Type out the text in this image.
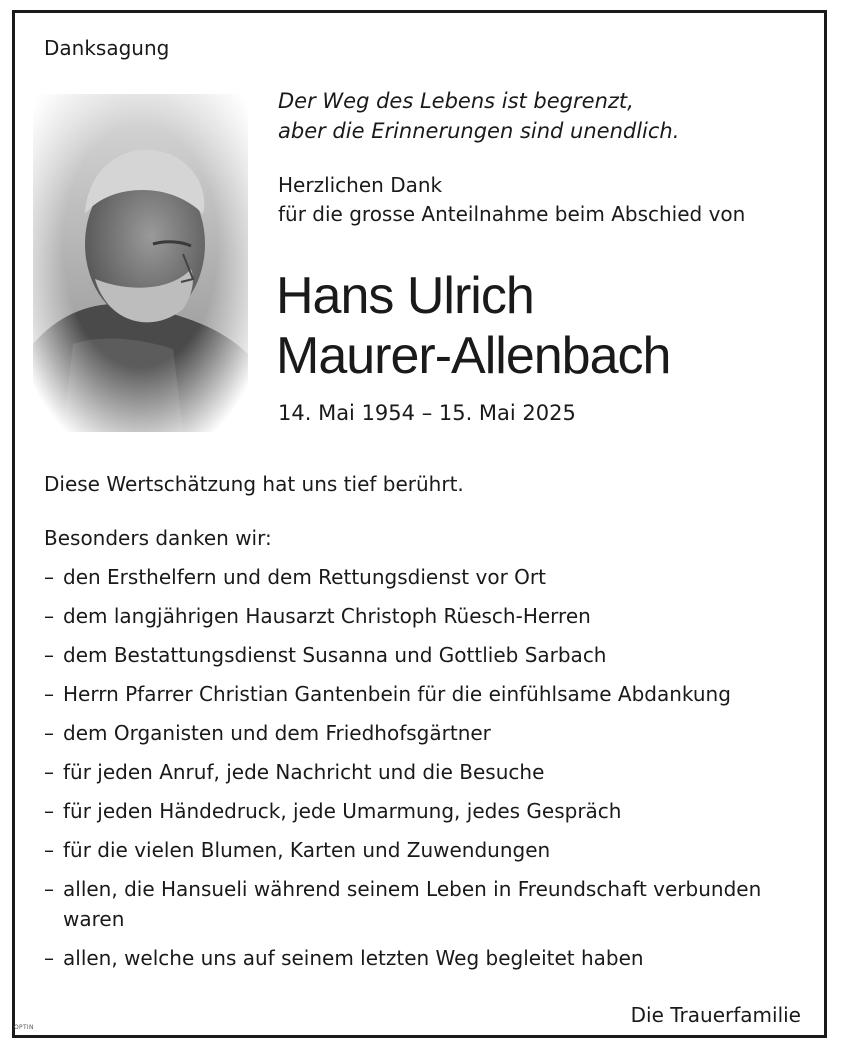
Danksagung
Der Weg des Lebens ist begrenzt,
aber die Erinnerungen sind unendlich.
Herzlichen Dank
für die grosse Anteilnahme beim Abschied von
Hans Ulrich
Maurer-Allenbach
14. Mai 1954 – 15. Mai 2025
Diese Wertschätzung hat uns tief berührt.
Besonders danken wir:
– den Ersthelfern und dem Rettungsdienst vor Ort
– dem langjährigen Hausarzt Christoph Rüesch-Herren
– dem Bestattungsdienst Susanna und Gottlieb Sarbach
– Herrn Pfarrer Christian Gantenbein für die einfühlsame Abdankung
– dem Organisten und dem Friedhofsgärtner
– für jeden Anruf, jede Nachricht und die Besuche
– für jeden Händedruck, jede Umarmung, jedes Gespräch
– für die vielen Blumen, Karten und Zuwendungen
– allen, die Hansueli während seinem Leben in Freundschaft verbunden waren
– allen, welche uns auf seinem letzten Weg begleitet haben
Die Trauerfamilie
OPTIN
